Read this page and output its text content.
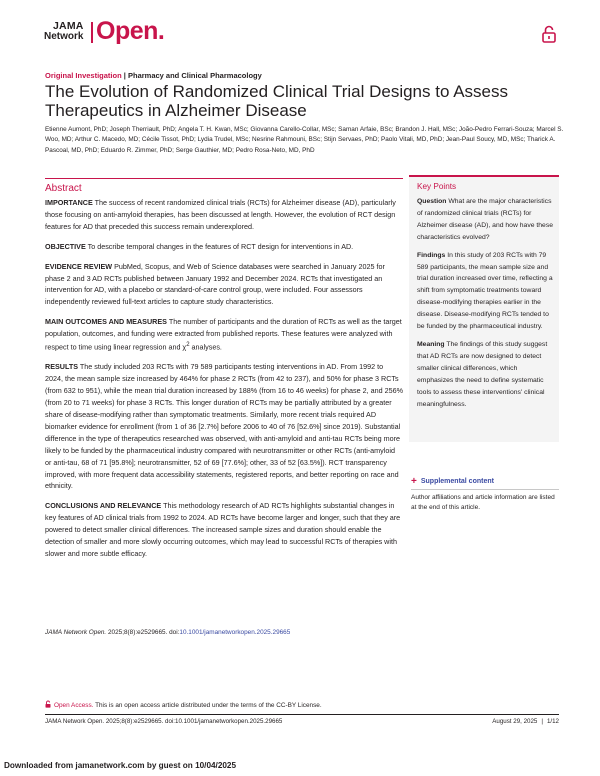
JAMA
Network Open.
Original Investigation | Pharmacy and Clinical Pharmacology
The Evolution of Randomized Clinical Trial Designs to Assess Therapeutics in Alzheimer Disease
Etienne Aumont, PhD; Joseph Therriault, PhD; Angela T. H. Kwan, MSc; Giovanna Carello-Collar, MSc; Saman Arfaie, BSc; Brandon J. Hall, MSc; João-Pedro Ferrari-Souza; Marcel S. Woo, MD; Arthur C. Macedo, MD; Cécile Tissot, PhD; Lydia Trudel, MSc; Nesrine Rahmouni, BSc; Stijn Servaes, PhD; Paolo Vitali, MD, PhD; Jean-Paul Soucy, MD, MSc; Tharick A. Pascoal, MD, PhD; Eduardo R. Zimmer, PhD; Serge Gauthier, MD; Pedro Rosa-Neto, MD, PhD
Abstract

IMPORTANCE The success of recent randomized clinical trials (RCTs) for Alzheimer disease (AD), particularly those focusing on anti-amyloid therapies, has been discussed at length. However, the evolution of RCT design features for AD that preceded this success remain underexplored.

OBJECTIVE To describe temporal changes in the features of RCT design for interventions in AD.

EVIDENCE REVIEW PubMed, Scopus, and Web of Science databases were searched in January 2025 for phase 2 and 3 AD RCTs published between January 1992 and December 2024. RCTs that investigated an intervention for AD, with a placebo or standard-of-care control group, were included. Four assessors independently reviewed full-text articles to capture study characteristics.

MAIN OUTCOMES AND MEASURES The number of participants and the duration of RCTs as well as the target population, outcomes, and funding were extracted from published reports. These features were analyzed with respect to time using linear regression and $\chi^2$ analyses.

RESULTS The study included 203 RCTs with 79 589 participants testing interventions in AD. From 1992 to 2024, the mean sample size increased by 464% for phase 2 RCTs (from 42 to 237), and 50% for phase 3 RCTs (from 632 to 951), while the mean trial duration increased by 188% (from 16 to 46 weeks) for phase 2, and 256% (from 20 to 71 weeks) for phase 3 RCTs. This longer duration of RCTs may be partially attributed by a greater share of disease-modifying rather than symptomatic treatments. Similarly, more recent trials required AD biomarker evidence for enrollment (from 1 of 36 [2.7%] before 2006 to 40 of 76 [52.6%] since 2019). Substantial difference in the type of therapeutics researched was observed, with anti-amyloid and anti-tau RCTs being more likely to be funded by the pharmaceutical industry compared with neurotransmitter or other RCTs (anti-amyloid or anti-tau, 68 of 71 [95.8%]; neurotransmitter, 52 of 69 [77.6%]; other, 33 of 52 [63.5%]). RCT transparency improved, with more frequent data accessibility statements, registered reports, and better reporting on race and ethnicity.

CONCLUSIONS AND RELEVANCE This methodology research of AD RCTs highlights substantial changes in key features of AD clinical trials from 1992 to 2024. AD RCTs have become larger and longer, such that they are powered to detect smaller clinical differences. The increased sample sizes and duration should enable the detection of smaller and more slowly occurring outcomes, which may lead to successful RCTs of therapies with slower and more subtle efficacy.

Key Points

Question What are the major characteristics of randomized clinical trials (RCTs) for Alzheimer disease (AD), and how have these characteristics evolved?

Findings In this study of 203 RCTs with 79 589 participants, the mean sample size and trial duration increased over time, reflecting a shift from symptomatic treatments toward disease-modifying therapies earlier in the disease. Disease-modifying RCTs tended to be funded by the pharmaceutical industry.

Meaning The findings of this study suggest that AD RCTs are now designed to detect smaller clinical differences, which emphasizes the need to define systematic tools to assess these interventions' clinical meaningfulness.

+ Supplemental content
Author affiliations and article information are listed at the end of this article.
JAMA Network Open. 2025;8(8):e2529665. doi:10.1001/jamanetworkopen.2025.29665
Open Access. This is an open access article distributed under the terms of the CC-BY License.
JAMA Network Open. 2025;8(8):e2529665. doi:10.1001/jamanetworkopen.2025.29665	August 29, 2025 | 1/12
Downloaded from jamanetwork.com by guest on 10/04/2025
